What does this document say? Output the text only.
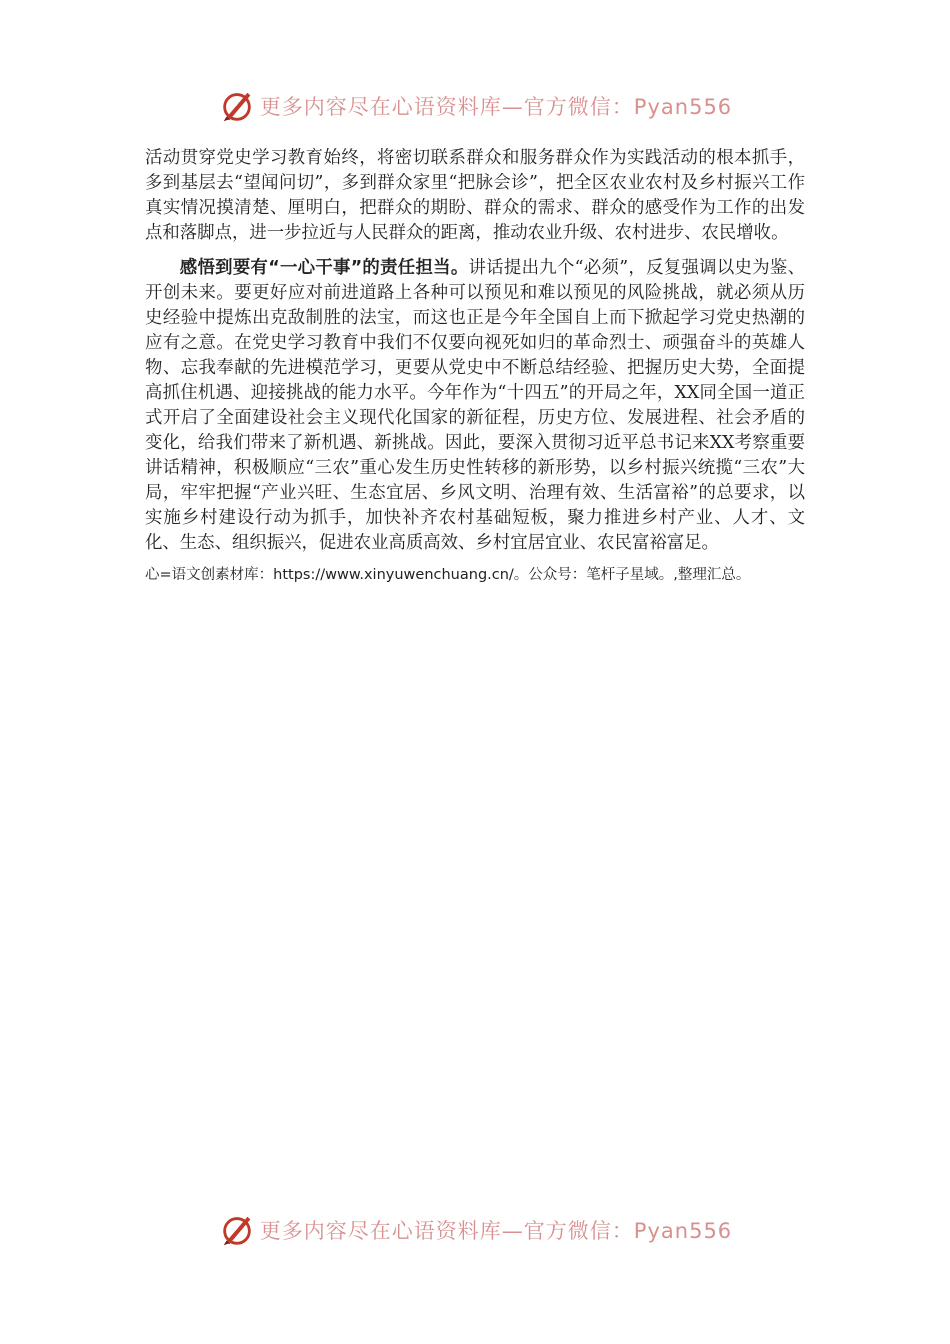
更多内容尽在心语资料库—官方微信：Pyan556

活动贯穿党史学习教育始终，将密切联系群众和服务群众作为实践活动的根本抓手，多到基层去“望闻问切”，多到群众家里“把脉会诊”，把全区农业农村及乡村振兴工作真实情况摸清楚、厘明白，把群众的期盼、群众的需求、群众的感受作为工作的出发点和落脚点，进一步拉近与人民群众的距离，推动农业升级、农村进步、农民增收。

感悟到要有“一心干事”的责任担当。讲话提出九个“必须”，反复强调以史为鉴、开创未来。要更好应对前进道路上各种可以预见和难以预见的风险挑战，就必须从历史经验中提炼出克敌制胜的法宝，而这也正是今年全国自上而下掀起学习党史热潮的应有之意。在党史学习教育中我们不仅要向视死如归的革命烈士、顽强奋斗的英雄人物、忘我奉献的先进模范学习，更要从党史中不断总结经验、把握历史大势，全面提高抓住机遇、迎接挑战的能力水平。今年作为“十四五”的开局之年，XX同全国一道正式开启了全面建设社会主义现代化国家的新征程，历史方位、发展进程、社会矛盾的变化，给我们带来了新机遇、新挑战。因此，要深入贯彻习近平总书记来XX考察重要讲话精神，积极顺应“三农”重心发生历史性转移的新形势，以乡村振兴统揽“三农”大局，牢牢把握“产业兴旺、生态宜居、乡风文明、治理有效、生活富裕”的总要求，以实施乡村建设行动为抓手，加快补齐农村基础短板，聚力推进乡村产业、人才、文化、生态、组织振兴，促进农业高质高效、乡村宜居宜业、农民富裕富足。

心=语文创素材库：https://www.xinyuwenchuang.cn/。公众号：笔杆子星域。,整理汇总。
更多内容尽在心语资料库—官方微信：Pyan556
